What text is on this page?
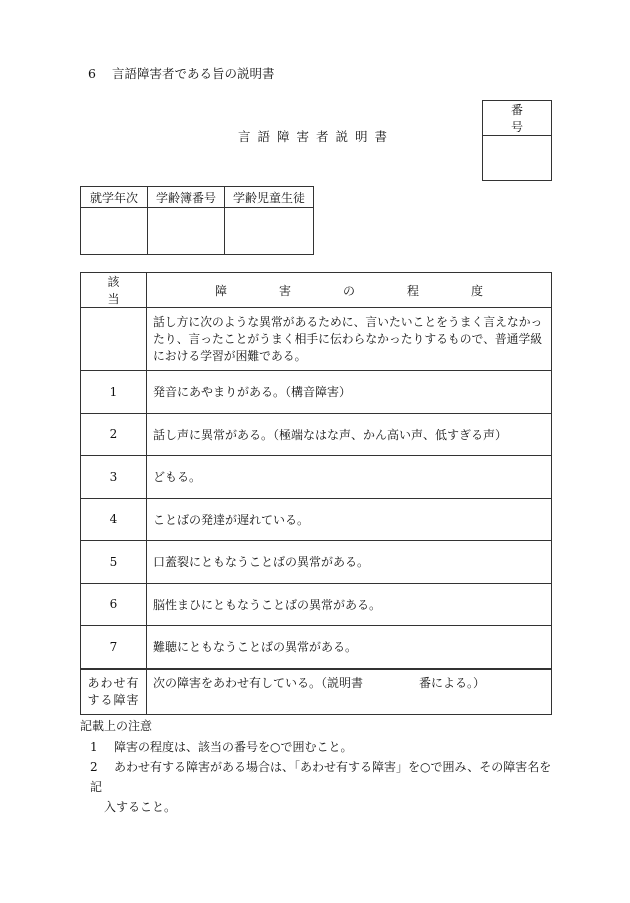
6 言語障害者である旨の説明書
言語障害者説明書
番号

就学年次	学齢簿番号	学齢児童生徒

該当	障 害 の 程 度
	話し方に次のような異常があるために、言いたいことをうまく言えなかったり、言ったことがうまく相手に伝わらなかったりするもので、普通学級における学習が困難である。
1	発音にあやまりがある。（構音障害）
2	話し声に異常がある。（極端なはな声、かん高い声、低すぎる声）
3	どもる。
4	ことばの発達が遅れている。
5	口蓋裂にともなうことばの異常がある。
6	脳性まひにともなうことばの異常がある。
7	難聴にともなうことばの異常がある。
あわせ有
する障害	次の障害をあわせ有している。（説明書 番による。）
記載上の注意
1 障害の程度は、該当の番号を○で囲むこと。
2 あわせ有する障害がある場合は、「あわせ有する障害」を○で囲み、その障害名を記
入すること。
